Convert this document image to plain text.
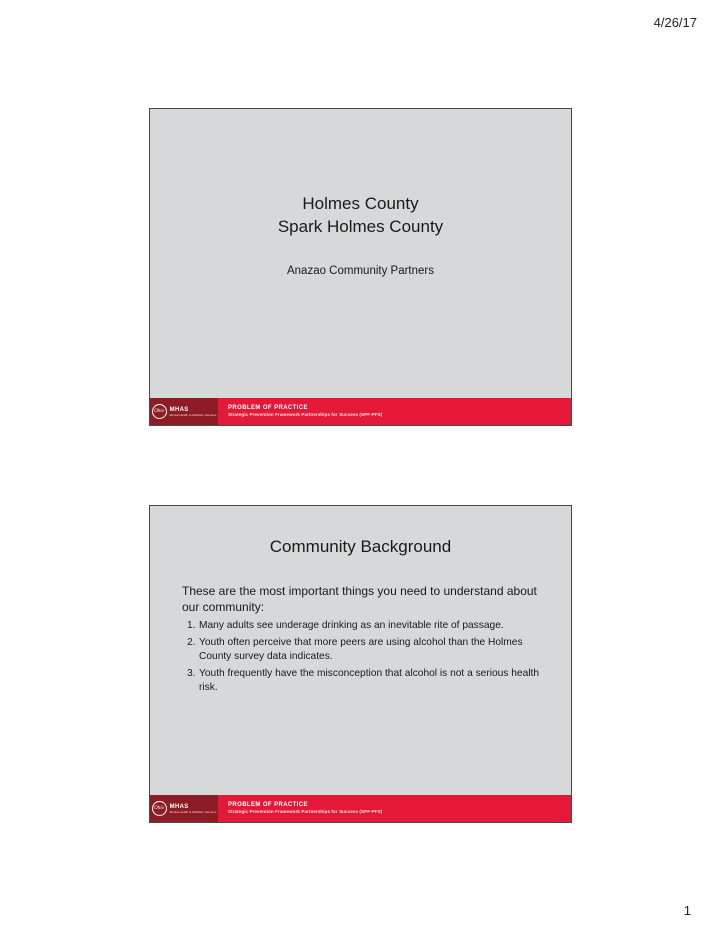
4/26/17
Holmes County
Spark Holmes County
Anazao Community Partners
Ohio MHAS
Mental Health & Addiction Services
PROBLEM OF PRACTICE
Strategic Prevention Framework Partnerships for Success (SPF-PFS)
Community Background
These are the most important things you need to understand about our community:
1. Many adults see underage drinking as an inevitable rite of passage.
2. Youth often perceive that more peers are using alcohol than the Holmes County survey data indicates.
3. Youth frequently have the misconception that alcohol is not a serious health risk.
Ohio MHAS
Mental Health & Addiction Services
PROBLEM OF PRACTICE
Strategic Prevention Framework Partnerships for Success (SPF-PFS)
1
